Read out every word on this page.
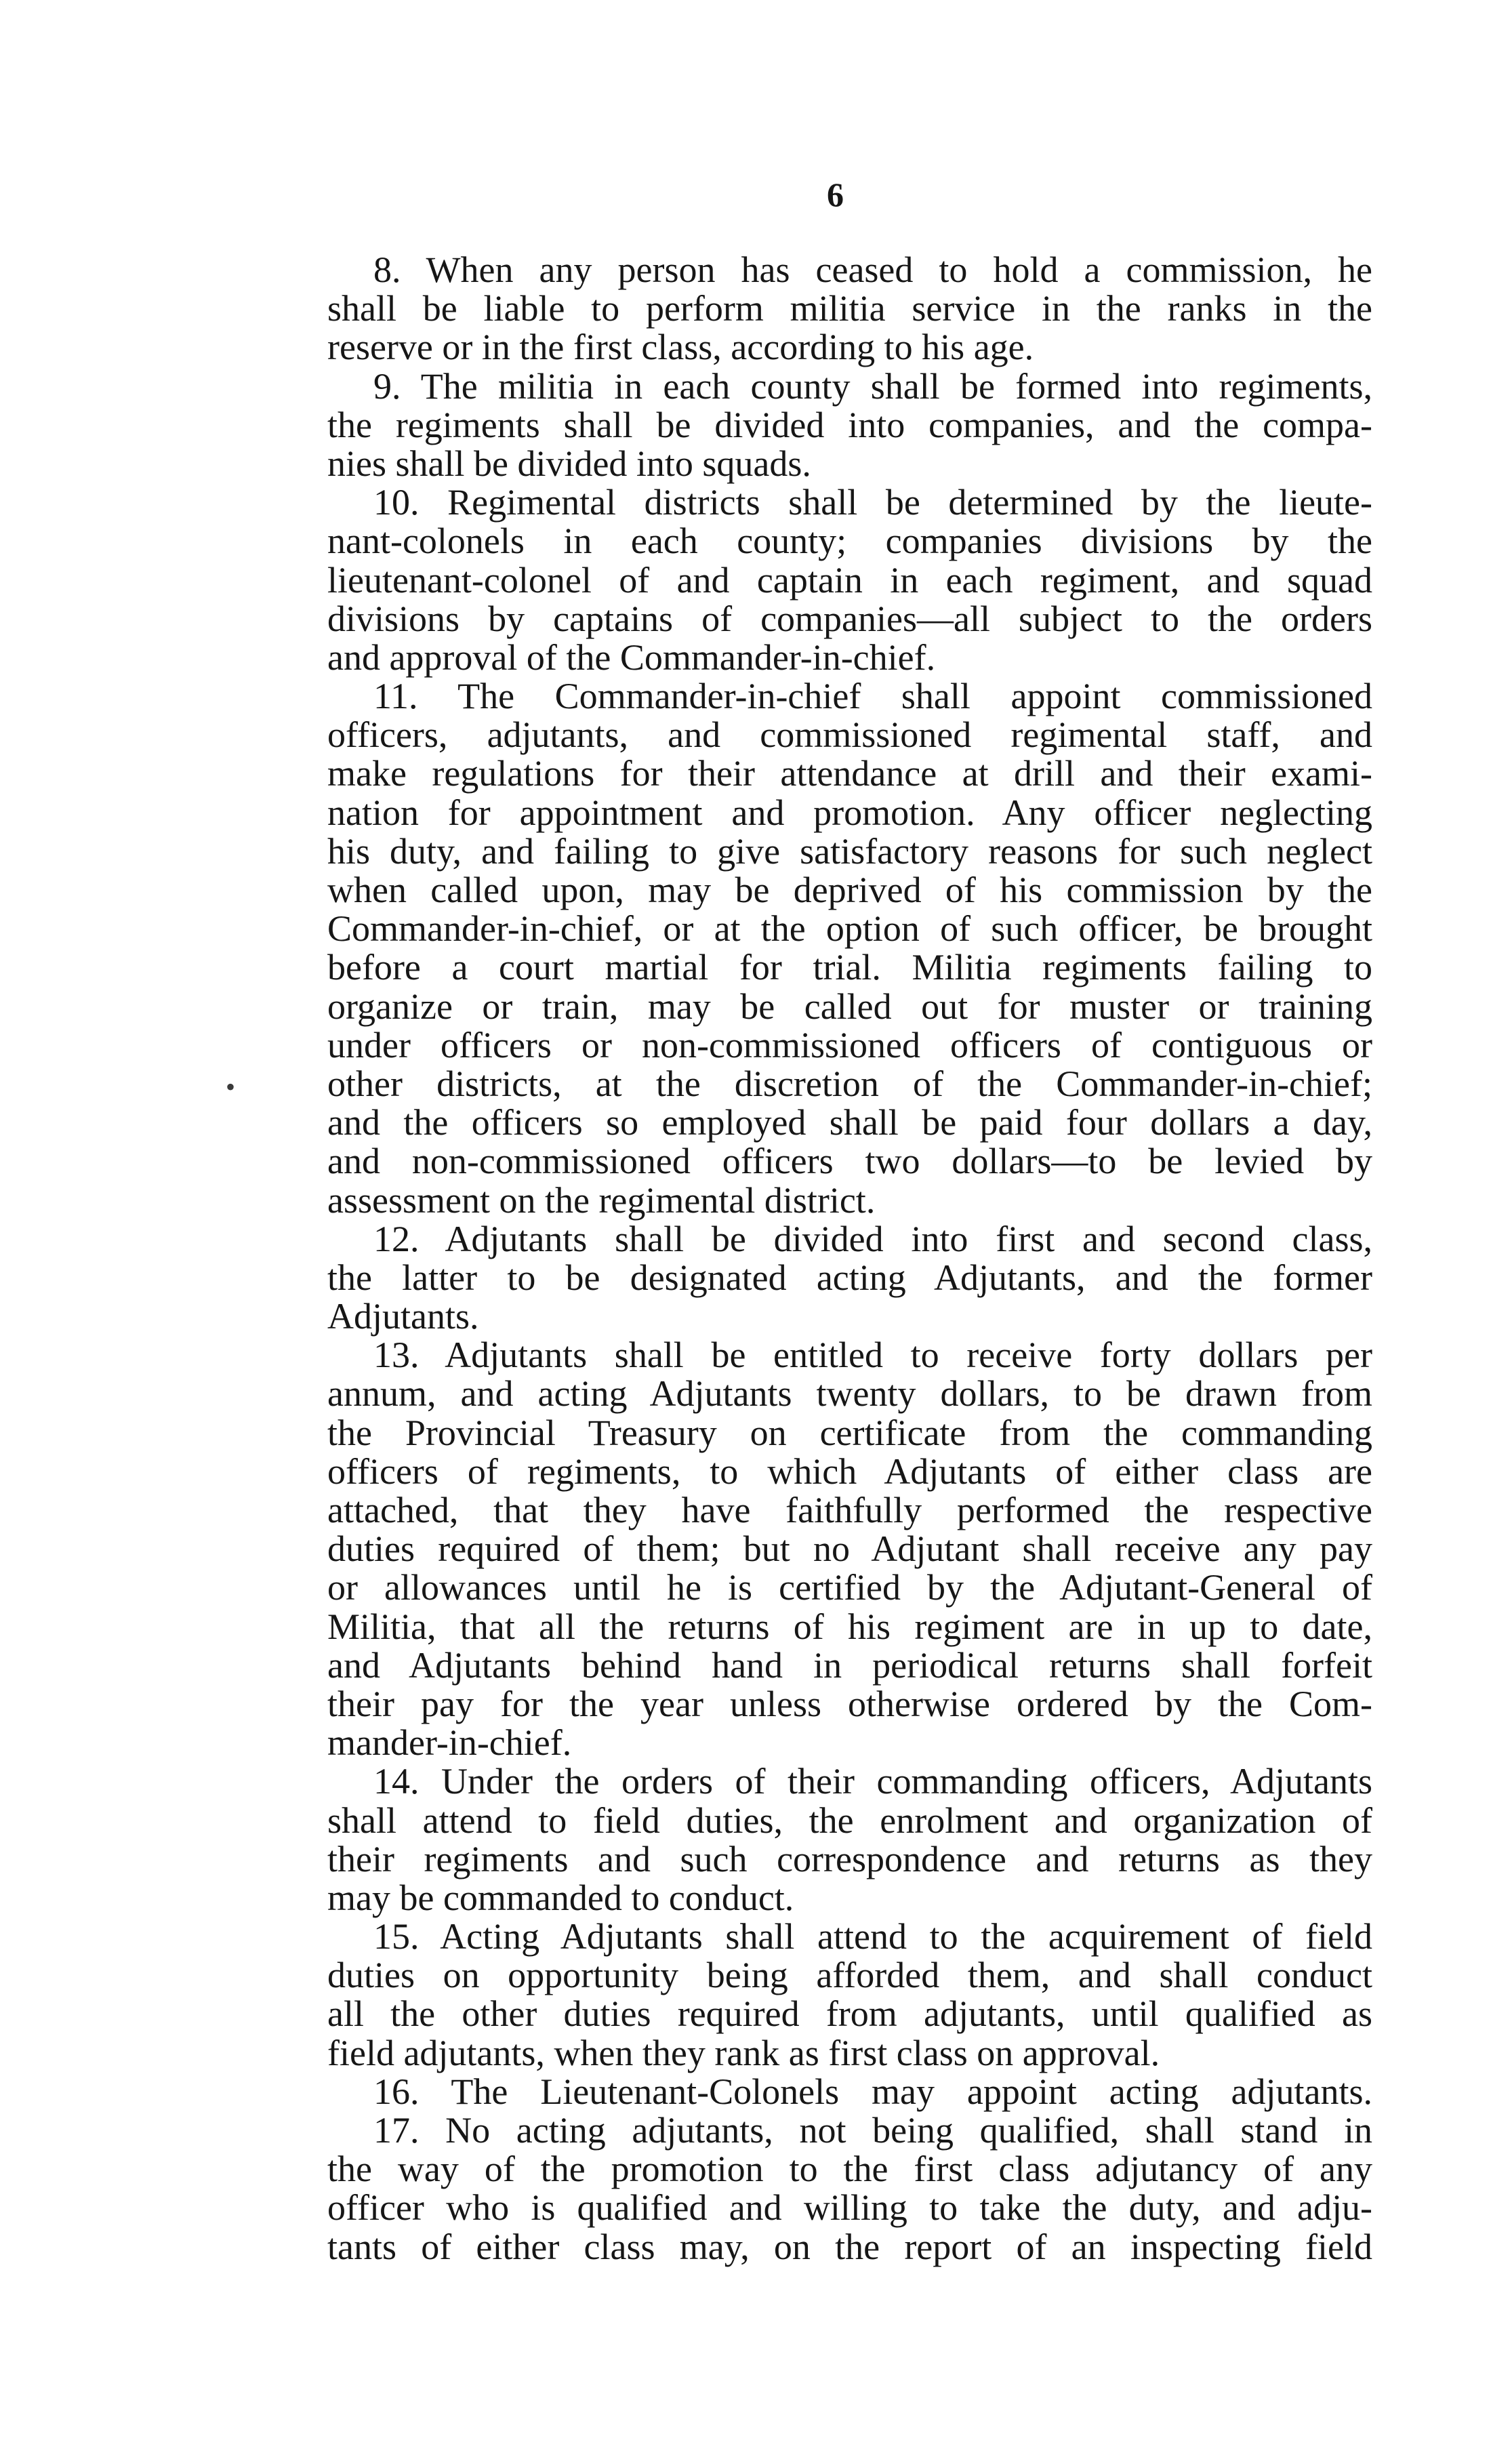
6
•
8. When any person has ceased to hold a commission, he
shall be liable to perform militia service in the ranks in the
reserve or in the first class, according to his age.
9. The militia in each county shall be formed into regiments,
the regiments shall be divided into companies, and the compa-
nies shall be divided into squads.
10. Regimental districts shall be determined by the lieute-
nant-colonels in each county; companies divisions by the
lieutenant-colonel of and captain in each regiment, and squad
divisions by captains of companies—all subject to the orders
and approval of the Commander-in-chief.
11. The Commander-in-chief shall appoint commissioned
officers, adjutants, and commissioned regimental staff, and
make regulations for their attendance at drill and their exami-
nation for appointment and promotion. Any officer neglecting
his duty, and failing to give satisfactory reasons for such neglect
when called upon, may be deprived of his commission by the
Commander-in-chief, or at the option of such officer, be brought
before a court martial for trial. Militia regiments failing to
organize or train, may be called out for muster or training
under officers or non-commissioned officers of contiguous or
other districts, at the discretion of the Commander-in-chief;
and the officers so employed shall be paid four dollars a day,
and non-commissioned officers two dollars—to be levied by
assessment on the regimental district.
12. Adjutants shall be divided into first and second class,
the latter to be designated acting Adjutants, and the former
Adjutants.
13. Adjutants shall be entitled to receive forty dollars per
annum, and acting Adjutants twenty dollars, to be drawn from
the Provincial Treasury on certificate from the commanding
officers of regiments, to which Adjutants of either class are
attached, that they have faithfully performed the respective
duties required of them; but no Adjutant shall receive any pay
or allowances until he is certified by the Adjutant-General of
Militia, that all the returns of his regiment are in up to date,
and Adjutants behind hand in periodical returns shall forfeit
their pay for the year unless otherwise ordered by the Com-
mander-in-chief.
14. Under the orders of their commanding officers, Adjutants
shall attend to field duties, the enrolment and organization of
their regiments and such correspondence and returns as they
may be commanded to conduct.
15. Acting Adjutants shall attend to the acquirement of field
duties on opportunity being afforded them, and shall conduct
all the other duties required from adjutants, until qualified as
field adjutants, when they rank as first class on approval.
16. The Lieutenant-Colonels may appoint acting adjutants.
17. No acting adjutants, not being qualified, shall stand in
the way of the promotion to the first class adjutancy of any
officer who is qualified and willing to take the duty, and adju-
tants of either class may, on the report of an inspecting field
